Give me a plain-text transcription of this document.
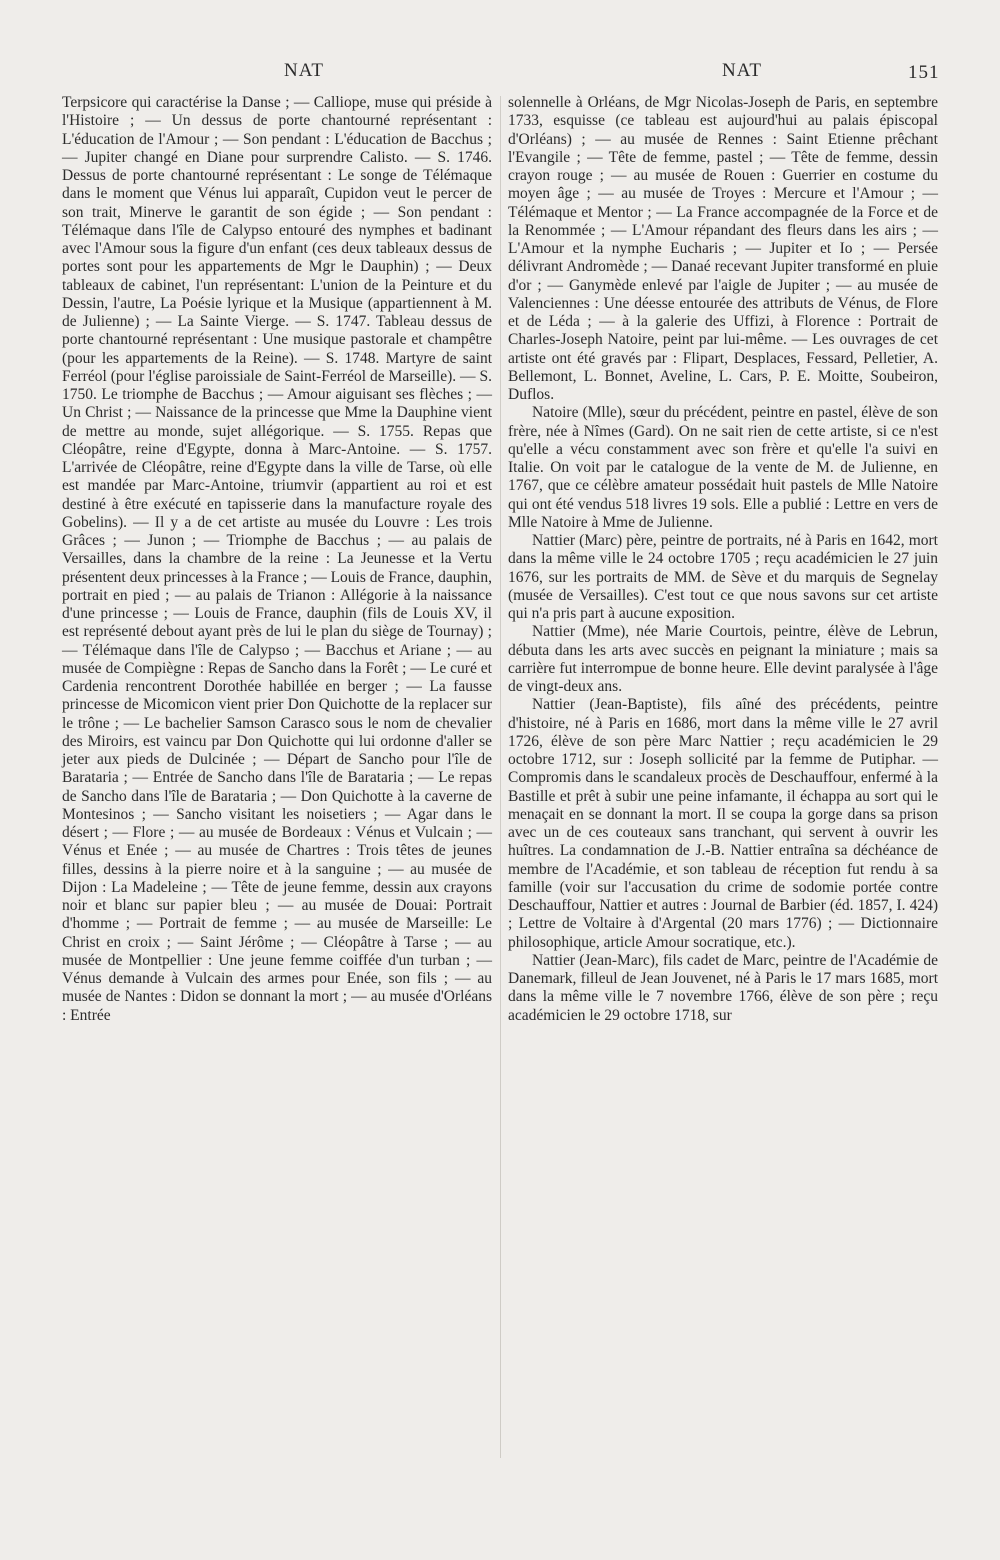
NAT	NAT	151

Terpsicore qui caractérise la Danse ; — Calliope, muse qui préside à l'Histoire ; — Un dessus de porte chantourné représentant : L'éducation de l'Amour ; — Son pendant : L'éducation de Bacchus ; — Jupiter changé en Diane pour surprendre Calisto. — S. 1746. Dessus de porte chantourné représentant : Le songe de Télémaque dans le moment que Vénus lui apparaît, Cupidon veut le percer de son trait, Minerve le garantit de son égide ; — Son pendant : Télémaque dans l'île de Calypso entouré des nymphes et badinant avec l'Amour sous la figure d'un enfant (ces deux tableaux dessus de portes sont pour les appartements de Mgr le Dauphin) ; — Deux tableaux de cabinet, l'un représentant: L'union de la Peinture et du Dessin, l'autre, La Poésie lyrique et la Musique (appartiennent à M. de Julienne) ; — La Sainte Vierge. — S. 1747. Tableau dessus de porte chantourné représentant : Une musique pastorale et champêtre (pour les appartements de la Reine). — S. 1748. Martyre de saint Ferréol (pour l'église paroissiale de Saint-Ferréol de Marseille). — S. 1750. Le triomphe de Bacchus ; — Amour aiguisant ses flèches ; — Un Christ ; — Naissance de la princesse que Mme la Dauphine vient de mettre au monde, sujet allégorique. — S. 1755. Repas que Cléopâtre, reine d'Egypte, donna à Marc-Antoine. — S. 1757. L'arrivée de Cléopâtre, reine d'Egypte dans la ville de Tarse, où elle est mandée par Marc-Antoine, triumvir (appartient au roi et est destiné à être exécuté en tapisserie dans la manufacture royale des Gobelins). — Il y a de cet artiste au musée du Louvre : Les trois Grâces ; — Junon ; — Triomphe de Bacchus ; — au palais de Versailles, dans la chambre de la reine : La Jeunesse et la Vertu présentent deux princesses à la France ; — Louis de France, dauphin, portrait en pied ; — au palais de Trianon : Allégorie à la naissance d'une princesse ; — Louis de France, dauphin (fils de Louis XV, il est représenté debout ayant près de lui le plan du siège de Tournay) ; — Télémaque dans l'île de Calypso ; — Bacchus et Ariane ; — au musée de Compiègne : Repas de Sancho dans la Forêt ; — Le curé et Cardenia rencontrent Dorothée habillée en berger ; — La fausse princesse de Micomicon vient prier Don Quichotte de la replacer sur le trône ; — Le bachelier Samson Carasco sous le nom de chevalier des Miroirs, est vaincu par Don Quichotte qui lui ordonne d'aller se jeter aux pieds de Dulcinée ; — Départ de Sancho pour l'île de Barataria ; — Entrée de Sancho dans l'île de Barataria ; — Le repas de Sancho dans l'île de Barataria ; — Don Quichotte à la caverne de Montesinos ; — Sancho visitant les noisetiers ; — Agar dans le désert ; — Flore ; — au musée de Bordeaux : Vénus et Vulcain ; — Vénus et Enée ; — au musée de Chartres : Trois têtes de jeunes filles, dessins à la pierre noire et à la sanguine ; — au musée de Dijon : La Madeleine ; — Tête de jeune femme, dessin aux crayons noir et blanc sur papier bleu ; — au musée de Douai: Portrait d'homme ; — Portrait de femme ; — au musée de Marseille: Le Christ en croix ; — Saint Jérôme ; — Cléopâtre à Tarse ; — au musée de Montpellier : Une jeune femme coiffée d'un turban ; — Vénus demande à Vulcain des armes pour Enée, son fils ; — au musée de Nantes : Didon se donnant la mort ; — au musée d'Orléans : Entrée

solennelle à Orléans, de Mgr Nicolas-Joseph de Paris, en septembre 1733, esquisse (ce tableau est aujourd'hui au palais épiscopal d'Orléans) ; — au musée de Rennes : Saint Etienne prêchant l'Evangile ; — Tête de femme, pastel ; — Tête de femme, dessin crayon rouge ; — au musée de Rouen : Guerrier en costume du moyen âge ; — au musée de Troyes : Mercure et l'Amour ; — Télémaque et Mentor ; — La France accompagnée de la Force et de la Renommée ; — L'Amour répandant des fleurs dans les airs ; — L'Amour et la nymphe Eucharis ; — Jupiter et Io ; — Persée délivrant Andromède ; — Danaé recevant Jupiter transformé en pluie d'or ; — Ganymède enlevé par l'aigle de Jupiter ; — au musée de Valenciennes : Une déesse entourée des attributs de Vénus, de Flore et de Léda ; — à la galerie des Uffizi, à Florence : Portrait de Charles-Joseph Natoire, peint par lui-même. — Les ouvrages de cet artiste ont été gravés par : Flipart, Desplaces, Fessard, Pelletier, A. Bellemont, L. Bonnet, Aveline, L. Cars, P. E. Moitte, Soubeiron, Duflos.

Natoire (Mlle), sœur du précédent, peintre en pastel, élève de son frère, née à Nîmes (Gard). On ne sait rien de cette artiste, si ce n'est qu'elle a vécu constamment avec son frère et qu'elle l'a suivi en Italie. On voit par le catalogue de la vente de M. de Julienne, en 1767, que ce célèbre amateur possédait huit pastels de Mlle Natoire qui ont été vendus 518 livres 19 sols. Elle a publié : Lettre en vers de Mlle Natoire à Mme de Julienne.

Nattier (Marc) père, peintre de portraits, né à Paris en 1642, mort dans la même ville le 24 octobre 1705 ; reçu académicien le 27 juin 1676, sur les portraits de MM. de Sève et du marquis de Segnelay (musée de Versailles). C'est tout ce que nous savons sur cet artiste qui n'a pris part à aucune exposition.

Nattier (Mme), née Marie Courtois, peintre, élève de Lebrun, débuta dans les arts avec succès en peignant la miniature ; mais sa carrière fut interrompue de bonne heure. Elle devint paralysée à l'âge de vingt-deux ans.

Nattier (Jean-Baptiste), fils aîné des précédents, peintre d'histoire, né à Paris en 1686, mort dans la même ville le 27 avril 1726, élève de son père Marc Nattier ; reçu académicien le 29 octobre 1712, sur : Joseph sollicité par la femme de Putiphar. — Compromis dans le scandaleux procès de Deschauffour, enfermé à la Bastille et prêt à subir une peine infamante, il échappa au sort qui le menaçait en se donnant la mort. Il se coupa la gorge dans sa prison avec un de ces couteaux sans tranchant, qui servent à ouvrir les huîtres. La condamnation de J.-B. Nattier entraîna sa déchéance de membre de l'Académie, et son tableau de réception fut rendu à sa famille (voir sur l'accusation du crime de sodomie portée contre Deschauffour, Nattier et autres : Journal de Barbier (éd. 1857, I. 424) ; Lettre de Voltaire à d'Argental (20 mars 1776) ; — Dictionnaire philosophique, article Amour socratique, etc.).

Nattier (Jean-Marc), fils cadet de Marc, peintre de l'Académie de Danemark, filleul de Jean Jouvenet, né à Paris le 17 mars 1685, mort dans la même ville le 7 novembre 1766, élève de son père ; reçu académicien le 29 octobre 1718, sur
